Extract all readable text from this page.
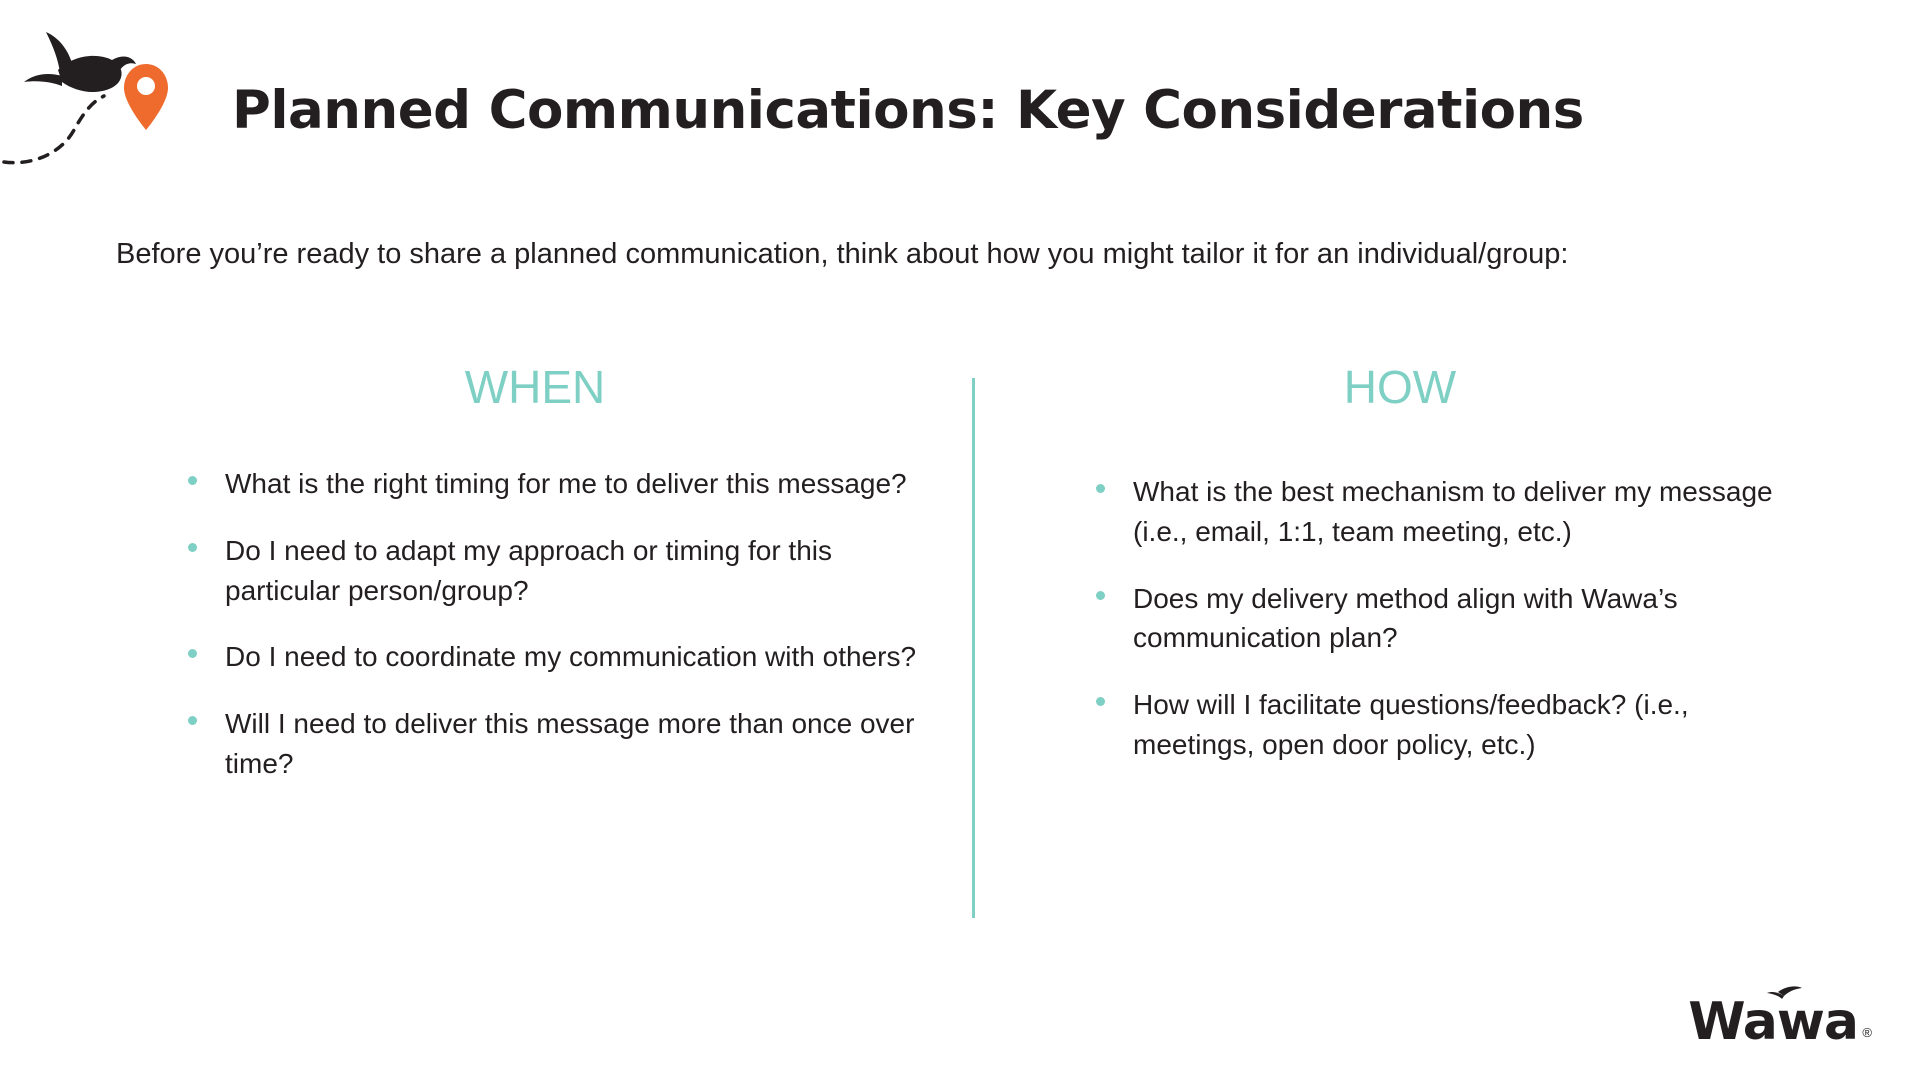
Planned Communications: Key Considerations
Before you’re ready to share a planned communication, think about how you might tailor it for an individual/group:
WHEN
What is the right timing for me to deliver this message?
Do I need to adapt my approach or timing for this particular person/group?
Do I need to coordinate my communication with others?
Will I need to deliver this message more than once over time?
HOW
What is the best mechanism to deliver my message (i.e., email, 1:1, team meeting, etc.)
Does my delivery method align with Wawa’s communication plan?
How will I facilitate questions/feedback? (i.e., meetings, open door policy, etc.)
Wawa ®
